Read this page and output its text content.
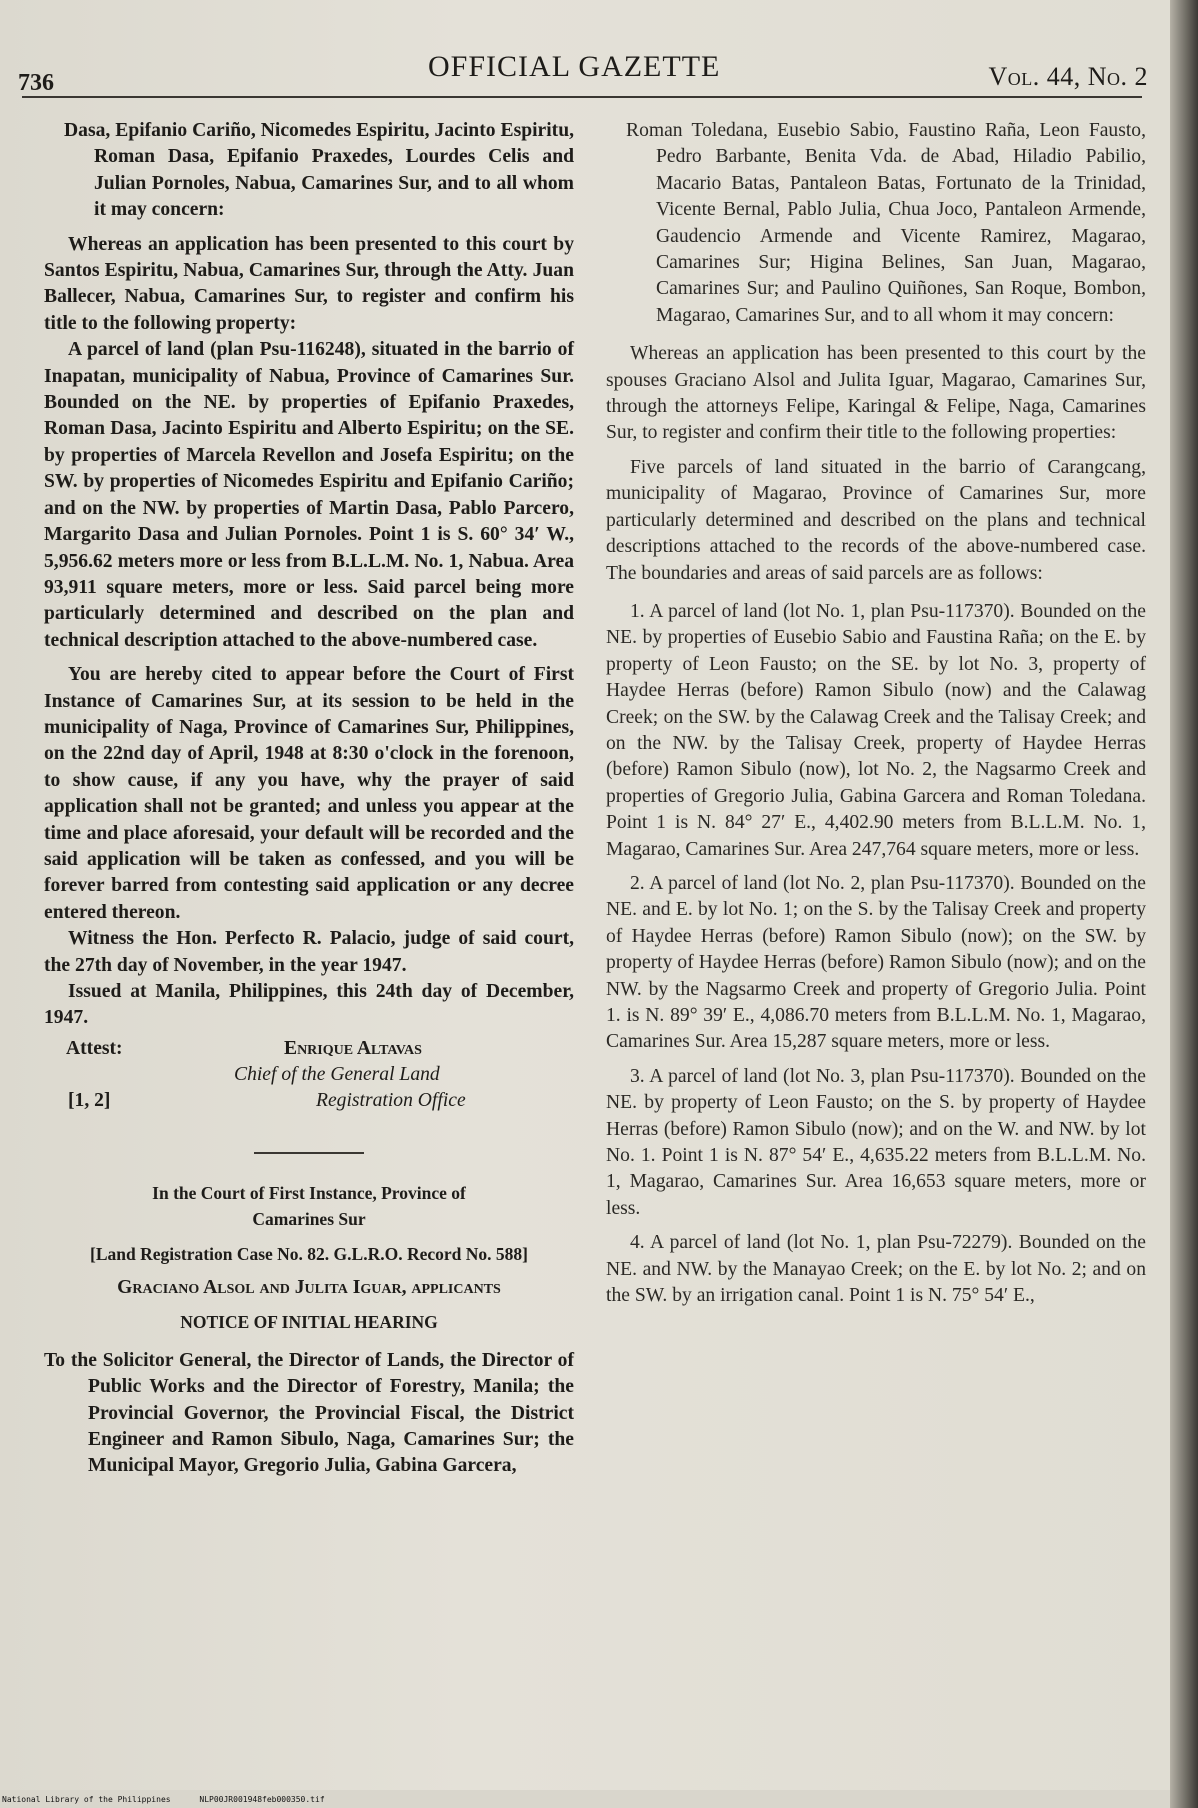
736	OFFICIAL GAZETTE	Vol. 44, No. 2

Dasa, Epifanio Cariño, Nicomedes Espiritu, Jacinto Espiritu, Roman Dasa, Epifanio Praxedes, Lourdes Celis and Julian Pornoles, Nabua, Camarines Sur, and to all whom it may concern:

Whereas an application has been presented to this court by Santos Espiritu, Nabua, Camarines Sur, through the Atty. Juan Ballecer, Nabua, Camarines Sur, to register and confirm his title to the following property:

A parcel of land (plan Psu-116248), situated in the barrio of Inapatan, municipality of Nabua, Province of Camarines Sur. Bounded on the NE. by properties of Epifanio Praxedes, Roman Dasa, Jacinto Espiritu and Alberto Espiritu; on the SE. by properties of Marcela Revellon and Josefa Espiritu; on the SW. by properties of Nicomedes Espiritu and Epifanio Cariño; and on the NW. by properties of Martin Dasa, Pablo Parcero, Margarito Dasa and Julian Pornoles. Point 1 is S. 60° 34′ W., 5,956.62 meters more or less from B.L.L.M. No. 1, Nabua. Area 93,911 square meters, more or less. Said parcel being more particularly determined and described on the plan and technical description attached to the above-numbered case.

You are hereby cited to appear before the Court of First Instance of Camarines Sur, at its session to be held in the municipality of Naga, Province of Camarines Sur, Philippines, on the 22nd day of April, 1948 at 8:30 o'clock in the forenoon, to show cause, if any you have, why the prayer of said application shall not be granted; and unless you appear at the time and place aforesaid, your default will be recorded and the said application will be taken as confessed, and you will be forever barred from contesting said application or any decree entered thereon.

Witness the Hon. Perfecto R. Palacio, judge of said court, the 27th day of November, in the year 1947.

Issued at Manila, Philippines, this 24th day of December, 1947.

Attest:	Enrique Altavas
Chief of the General Land
Registration Office
[1, 2]

In the Court of First Instance, Province of

Camarines Sur

[Land Registration Case No. 82. G.L.R.O. Record No. 588]

Graciano Alsol and Julita Iguar, applicants

NOTICE OF INITIAL HEARING

To the Solicitor General, the Director of Lands, the Director of Public Works and the Director of Forestry, Manila; the Provincial Governor, the Provincial Fiscal, the District Engineer and Ramon Sibulo, Naga, Camarines Sur; the Municipal Mayor, Gregorio Julia, Gabina Garcera,

Roman Toledana, Eusebio Sabio, Faustino Raña, Leon Fausto, Pedro Barbante, Benita Vda. de Abad, Hiladio Pabilio, Macario Batas, Pantaleon Batas, Fortunato de la Trinidad, Vicente Bernal, Pablo Julia, Chua Joco, Pantaleon Armende, Gaudencio Armende and Vicente Ramirez, Magarao, Camarines Sur; Higina Belines, San Juan, Magarao, Camarines Sur; and Paulino Quiñones, San Roque, Bombon, Magarao, Camarines Sur, and to all whom it may concern:

Whereas an application has been presented to this court by the spouses Graciano Alsol and Julita Iguar, Magarao, Camarines Sur, through the attorneys Felipe, Karingal & Felipe, Naga, Camarines Sur, to register and confirm their title to the following properties:

Five parcels of land situated in the barrio of Carangcang, municipality of Magarao, Province of Camarines Sur, more particularly determined and described on the plans and technical descriptions attached to the records of the above-numbered case. The boundaries and areas of said parcels are as follows:

1. A parcel of land (lot No. 1, plan Psu-117370). Bounded on the NE. by properties of Eusebio Sabio and Faustina Raña; on the E. by property of Leon Fausto; on the SE. by lot No. 3, property of Haydee Herras (before) Ramon Sibulo (now) and the Calawag Creek; on the SW. by the Calawag Creek and the Talisay Creek; and on the NW. by the Talisay Creek, property of Haydee Herras (before) Ramon Sibulo (now), lot No. 2, the Nagsarmo Creek and properties of Gregorio Julia, Gabina Garcera and Roman Toledana. Point 1 is N. 84° 27′ E., 4,402.90 meters from B.L.L.M. No. 1, Magarao, Camarines Sur. Area 247,764 square meters, more or less.

2. A parcel of land (lot No. 2, plan Psu-117370). Bounded on the NE. and E. by lot No. 1; on the S. by the Talisay Creek and property of Haydee Herras (before) Ramon Sibulo (now); on the SW. by property of Haydee Herras (before) Ramon Sibulo (now); and on the NW. by the Nagsarmo Creek and property of Gregorio Julia. Point 1. is N. 89° 39′ E., 4,086.70 meters from B.L.L.M. No. 1, Magarao, Camarines Sur. Area 15,287 square meters, more or less.

3. A parcel of land (lot No. 3, plan Psu-117370). Bounded on the NE. by property of Leon Fausto; on the S. by property of Haydee Herras (before) Ramon Sibulo (now); and on the W. and NW. by lot No. 1. Point 1 is N. 87° 54′ E., 4,635.22 meters from B.L.L.M. No. 1, Magarao, Camarines Sur. Area 16,653 square meters, more or less.

4. A parcel of land (lot No. 1, plan Psu-72279). Bounded on the NE. and NW. by the Manayao Creek; on the E. by lot No. 2; and on the SW. by an irrigation canal. Point 1 is N. 75° 54′ E.,

National Library of the Philippines	NLP00JR001948feb000350.tif
